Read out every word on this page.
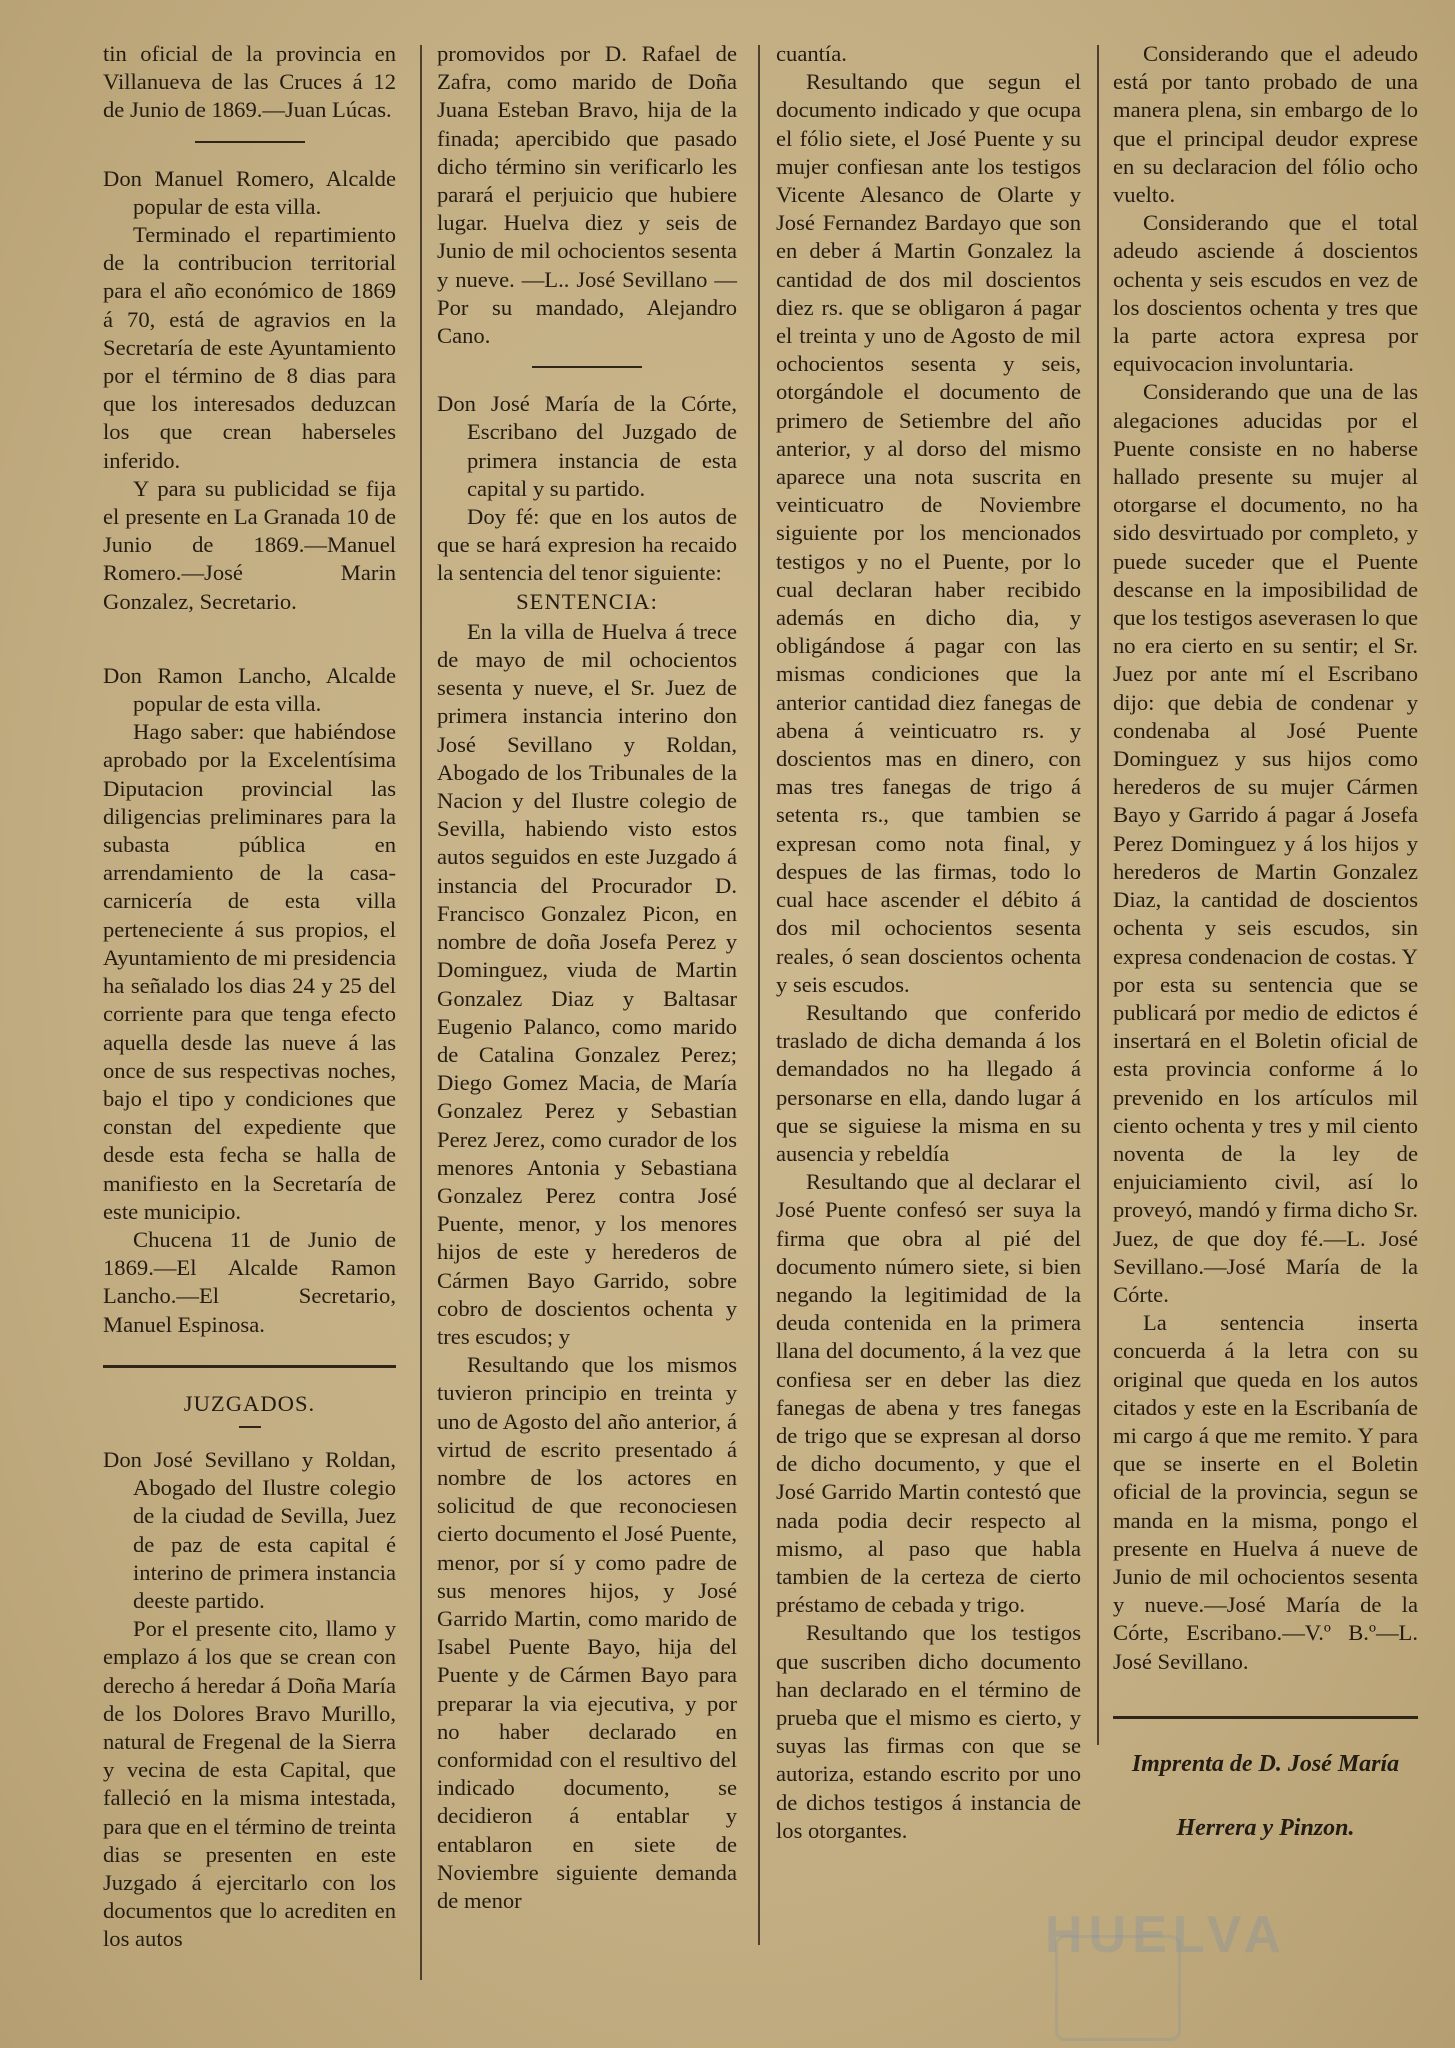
tin oficial de la provincia en Villanueva de las Cruces á 12 de Junio de 1869.—Juan Lúcas.

Don Manuel Romero, Alcalde popular de esta villa.

Terminado el repartimiento de la contribucion territorial para el año económico de 1869 á 70, está de agravios en la Secretaría de este Ayuntamiento por el término de 8 dias para que los interesados deduzcan los que crean haberseles inferido.

Y para su publicidad se fija el presente en La Granada 10 de Junio de 1869.—Manuel Romero.—José Marin Gonzalez, Secretario.

Don Ramon Lancho, Alcalde popular de esta villa.

Hago saber: que habiéndose aprobado por la Excelentísima Diputacion provincial las diligencias preliminares para la subasta pública en arrendamiento de la casa-carnicería de esta villa perteneciente á sus propios, el Ayuntamiento de mi presidencia ha señalado los dias 24 y 25 del corriente para que tenga efecto aquella desde las nueve á las once de sus respectivas noches, bajo el tipo y condiciones que constan del expediente que desde esta fecha se halla de manifiesto en la Secretaría de este municipio.

Chucena 11 de Junio de 1869.—El Alcalde Ramon Lancho.—El Secretario, Manuel Espinosa.

JUZGADOS.

Don José Sevillano y Roldan, Abogado del Ilustre colegio de la ciudad de Sevilla, Juez de paz de esta capital é interino de primera instancia deeste partido.

Por el presente cito, llamo y emplazo á los que se crean con derecho á heredar á Doña María de los Dolores Bravo Murillo, natural de Fregenal de la Sierra y vecina de esta Capital, que falleció en la misma intestada, para que en el término de treinta dias se presenten en este Juzgado á ejercitarlo con los documentos que lo acrediten en los autos

promovidos por D. Rafael de Zafra, como marido de Doña Juana Esteban Bravo, hija de la finada; apercibido que pasado dicho término sin verificarlo les parará el perjuicio que hubiere lugar. Huelva diez y seis de Junio de mil ochocientos sesenta y nueve. —L.. José Sevillano —Por su mandado, Alejandro Cano.

Don José María de la Córte, Escribano del Juzgado de primera instancia de esta capital y su partido.

Doy fé: que en los autos de que se hará expresion ha recaido la sentencia del tenor siguiente:

SENTENCIA:

En la villa de Huelva á trece de mayo de mil ochocientos sesenta y nueve, el Sr. Juez de primera instancia interino don José Sevillano y Roldan, Abogado de los Tribunales de la Nacion y del Ilustre colegio de Sevilla, habiendo visto estos autos seguidos en este Juzgado á instancia del Procurador D. Francisco Gonzalez Picon, en nombre de doña Josefa Perez y Dominguez, viuda de Martin Gonzalez Diaz y Baltasar Eugenio Palanco, como marido de Catalina Gonzalez Perez; Diego Gomez Macia, de María Gonzalez Perez y Sebastian Perez Jerez, como curador de los menores Antonia y Sebastiana Gonzalez Perez contra José Puente, menor, y los menores hijos de este y herederos de Cármen Bayo Garrido, sobre cobro de doscientos ochenta y tres escudos; y

Resultando que los mismos tuvieron principio en treinta y uno de Agosto del año anterior, á virtud de escrito presentado á nombre de los actores en solicitud de que reconociesen cierto documento el José Puente, menor, por sí y como padre de sus menores hijos, y José Garrido Martin, como marido de Isabel Puente Bayo, hija del Puente y de Cármen Bayo para preparar la via ejecutiva, y por no haber declarado en conformidad con el resultivo del indicado documento, se decidieron á entablar y entablaron en siete de Noviembre siguiente demanda de menor

cuantía.

Resultando que segun el documento indicado y que ocupa el fólio siete, el José Puente y su mujer confiesan ante los testigos Vicente Alesanco de Olarte y José Fernandez Bardayo que son en deber á Martin Gonzalez la cantidad de dos mil doscientos diez rs. que se obligaron á pagar el treinta y uno de Agosto de mil ochocientos sesenta y seis, otorgándole el documento de primero de Setiembre del año anterior, y al dorso del mismo aparece una nota suscrita en veinticuatro de Noviembre siguiente por los mencionados testigos y no el Puente, por lo cual declaran haber recibido además en dicho dia, y obligándose á pagar con las mismas condiciones que la anterior cantidad diez fanegas de abena á veinticuatro rs. y doscientos mas en dinero, con mas tres fanegas de trigo á setenta rs., que tambien se expresan como nota final, y despues de las firmas, todo lo cual hace ascender el débito á dos mil ochocientos sesenta reales, ó sean doscientos ochenta y seis escudos.

Resultando que conferido traslado de dicha demanda á los demandados no ha llegado á personarse en ella, dando lugar á que se siguiese la misma en su ausencia y rebeldía

Resultando que al declarar el José Puente confesó ser suya la firma que obra al pié del documento número siete, si bien negando la legitimidad de la deuda contenida en la primera llana del documento, á la vez que confiesa ser en deber las diez fanegas de abena y tres fanegas de trigo que se expresan al dorso de dicho documento, y que el José Garrido Martin contestó que nada podia decir respecto al mismo, al paso que habla tambien de la certeza de cierto préstamo de cebada y trigo.

Resultando que los testigos que suscriben dicho documento han declarado en el término de prueba que el mismo es cierto, y suyas las firmas con que se autoriza, estando escrito por uno de dichos testigos á instancia de los otorgantes.

Considerando que el adeudo está por tanto probado de una manera plena, sin embargo de lo que el principal deudor exprese en su declaracion del fólio ocho vuelto.

Considerando que el total adeudo asciende á doscientos ochenta y seis escudos en vez de los doscientos ochenta y tres que la parte actora expresa por equivocacion involuntaria.

Considerando que una de las alegaciones aducidas por el Puente consiste en no haberse hallado presente su mujer al otorgarse el documento, no ha sido desvirtuado por completo, y puede suceder que el Puente descanse en la imposibilidad de que los testigos aseverasen lo que no era cierto en su sentir; el Sr. Juez por ante mí el Escribano dijo: que debia de condenar y condenaba al José Puente Dominguez y sus hijos como herederos de su mujer Cármen Bayo y Garrido á pagar á Josefa Perez Dominguez y á los hijos y herederos de Martin Gonzalez Diaz, la cantidad de doscientos ochenta y seis escudos, sin expresa condenacion de costas. Y por esta su sentencia que se publicará por medio de edictos é insertará en el Boletin oficial de esta provincia conforme á lo prevenido en los artículos mil ciento ochenta y tres y mil ciento noventa de la ley de enjuiciamiento civil, así lo proveyó, mandó y firma dicho Sr. Juez, de que doy fé.—L. José Sevillano.—José María de la Córte.

La sentencia inserta concuerda á la letra con su original que queda en los autos citados y este en la Escribanía de mi cargo á que me remito. Y para que se inserte en el Boletin oficial de la provincia, segun se manda en la misma, pongo el presente en Huelva á nueve de Junio de mil ochocientos sesenta y nueve.—José María de la Córte, Escribano.—V.º B.º—L. José Sevillano.

Imprenta de D. José María

Herrera y Pinzon.

HUELVA
